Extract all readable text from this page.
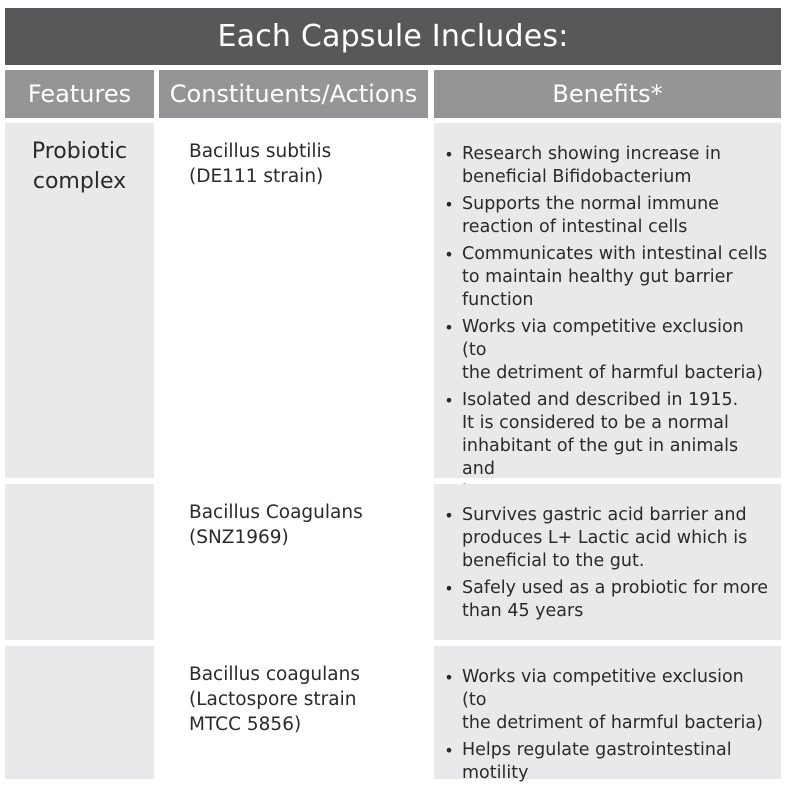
Each Capsule Includes:
Features	Constituents/Actions	Benefits*
Probiotic
complex
Bacillus subtilis
(DE111 strain)
• Research showing increase in
beneficial Bifidobacterium
• Supports the normal immune
reaction of intestinal cells
• Communicates with intestinal cells
to maintain healthy gut barrier
function
• Works via competitive exclusion (to
the detriment of harmful bacteria)
• Isolated and described in 1915.
It is considered to be a normal
inhabitant of the gut in animals and

Bacillus Coagulans
(SNZ1969)
• Survives gastric acid barrier and
produces L+ Lactic acid which is
beneficial to the gut.
• Safely used as a probiotic for more
than 45 years
Bacillus coagulans
(Lactospore strain
MTCC 5856)
• Works via competitive exclusion (to
the detriment of harmful bacteria)
• Helps regulate gastrointestinal
motility
